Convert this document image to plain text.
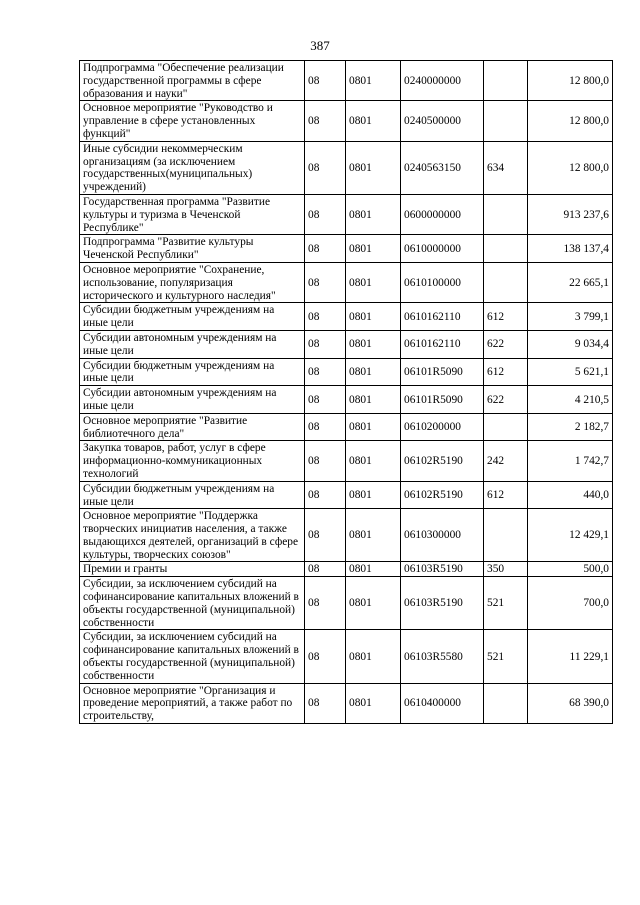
387
Подпрограмма "Обеспечение реализации государственной программы в сфере образования и науки"	08	0801	0240000000		12 800,0
Основное мероприятие "Руководство и управление в сфере установленных функций"	08	0801	0240500000		12 800,0
Иные субсидии некоммерческим организациям (за исключением государственных(муниципальных) учреждений)	08	0801	0240563150	634	12 800,0
Государственная программа "Развитие культуры и туризма в Чеченской Республике"	08	0801	0600000000		913 237,6
Подпрограмма "Развитие культуры Чеченской Республики"	08	0801	0610000000		138 137,4
Основное мероприятие "Сохранение, использование, популяризация исторического и культурного наследия"	08	0801	0610100000		22 665,1
Субсидии бюджетным учреждениям на иные цели	08	0801	0610162110	612	3 799,1
Субсидии автономным учреждениям на иные цели	08	0801	0610162110	622	9 034,4
Субсидии бюджетным учреждениям на иные цели	08	0801	06101R5090	612	5 621,1
Субсидии автономным учреждениям на иные цели	08	0801	06101R5090	622	4 210,5
Основное мероприятие "Развитие библиотечного дела"	08	0801	0610200000		2 182,7
Закупка товаров, работ, услуг в сфере информационно-коммуникационных технологий	08	0801	06102R5190	242	1 742,7
Субсидии бюджетным учреждениям на иные цели	08	0801	06102R5190	612	440,0
Основное мероприятие "Поддержка творческих инициатив населения, а также выдающихся деятелей, организаций в сфере культуры, творческих союзов"	08	0801	0610300000		12 429,1
Премии и гранты	08	0801	06103R5190	350	500,0
Субсидии, за исключением субсидий на софинансирование капитальных вложений в объекты государственной (муниципальной) собственности	08	0801	06103R5190	521	700,0
Субсидии, за исключением субсидий на софинансирование капитальных вложений в объекты государственной (муниципальной) собственности	08	0801	06103R5580	521	11 229,1
Основное мероприятие "Организация и проведение мероприятий, а также работ по строительству,	08	0801	0610400000		68 390,0
